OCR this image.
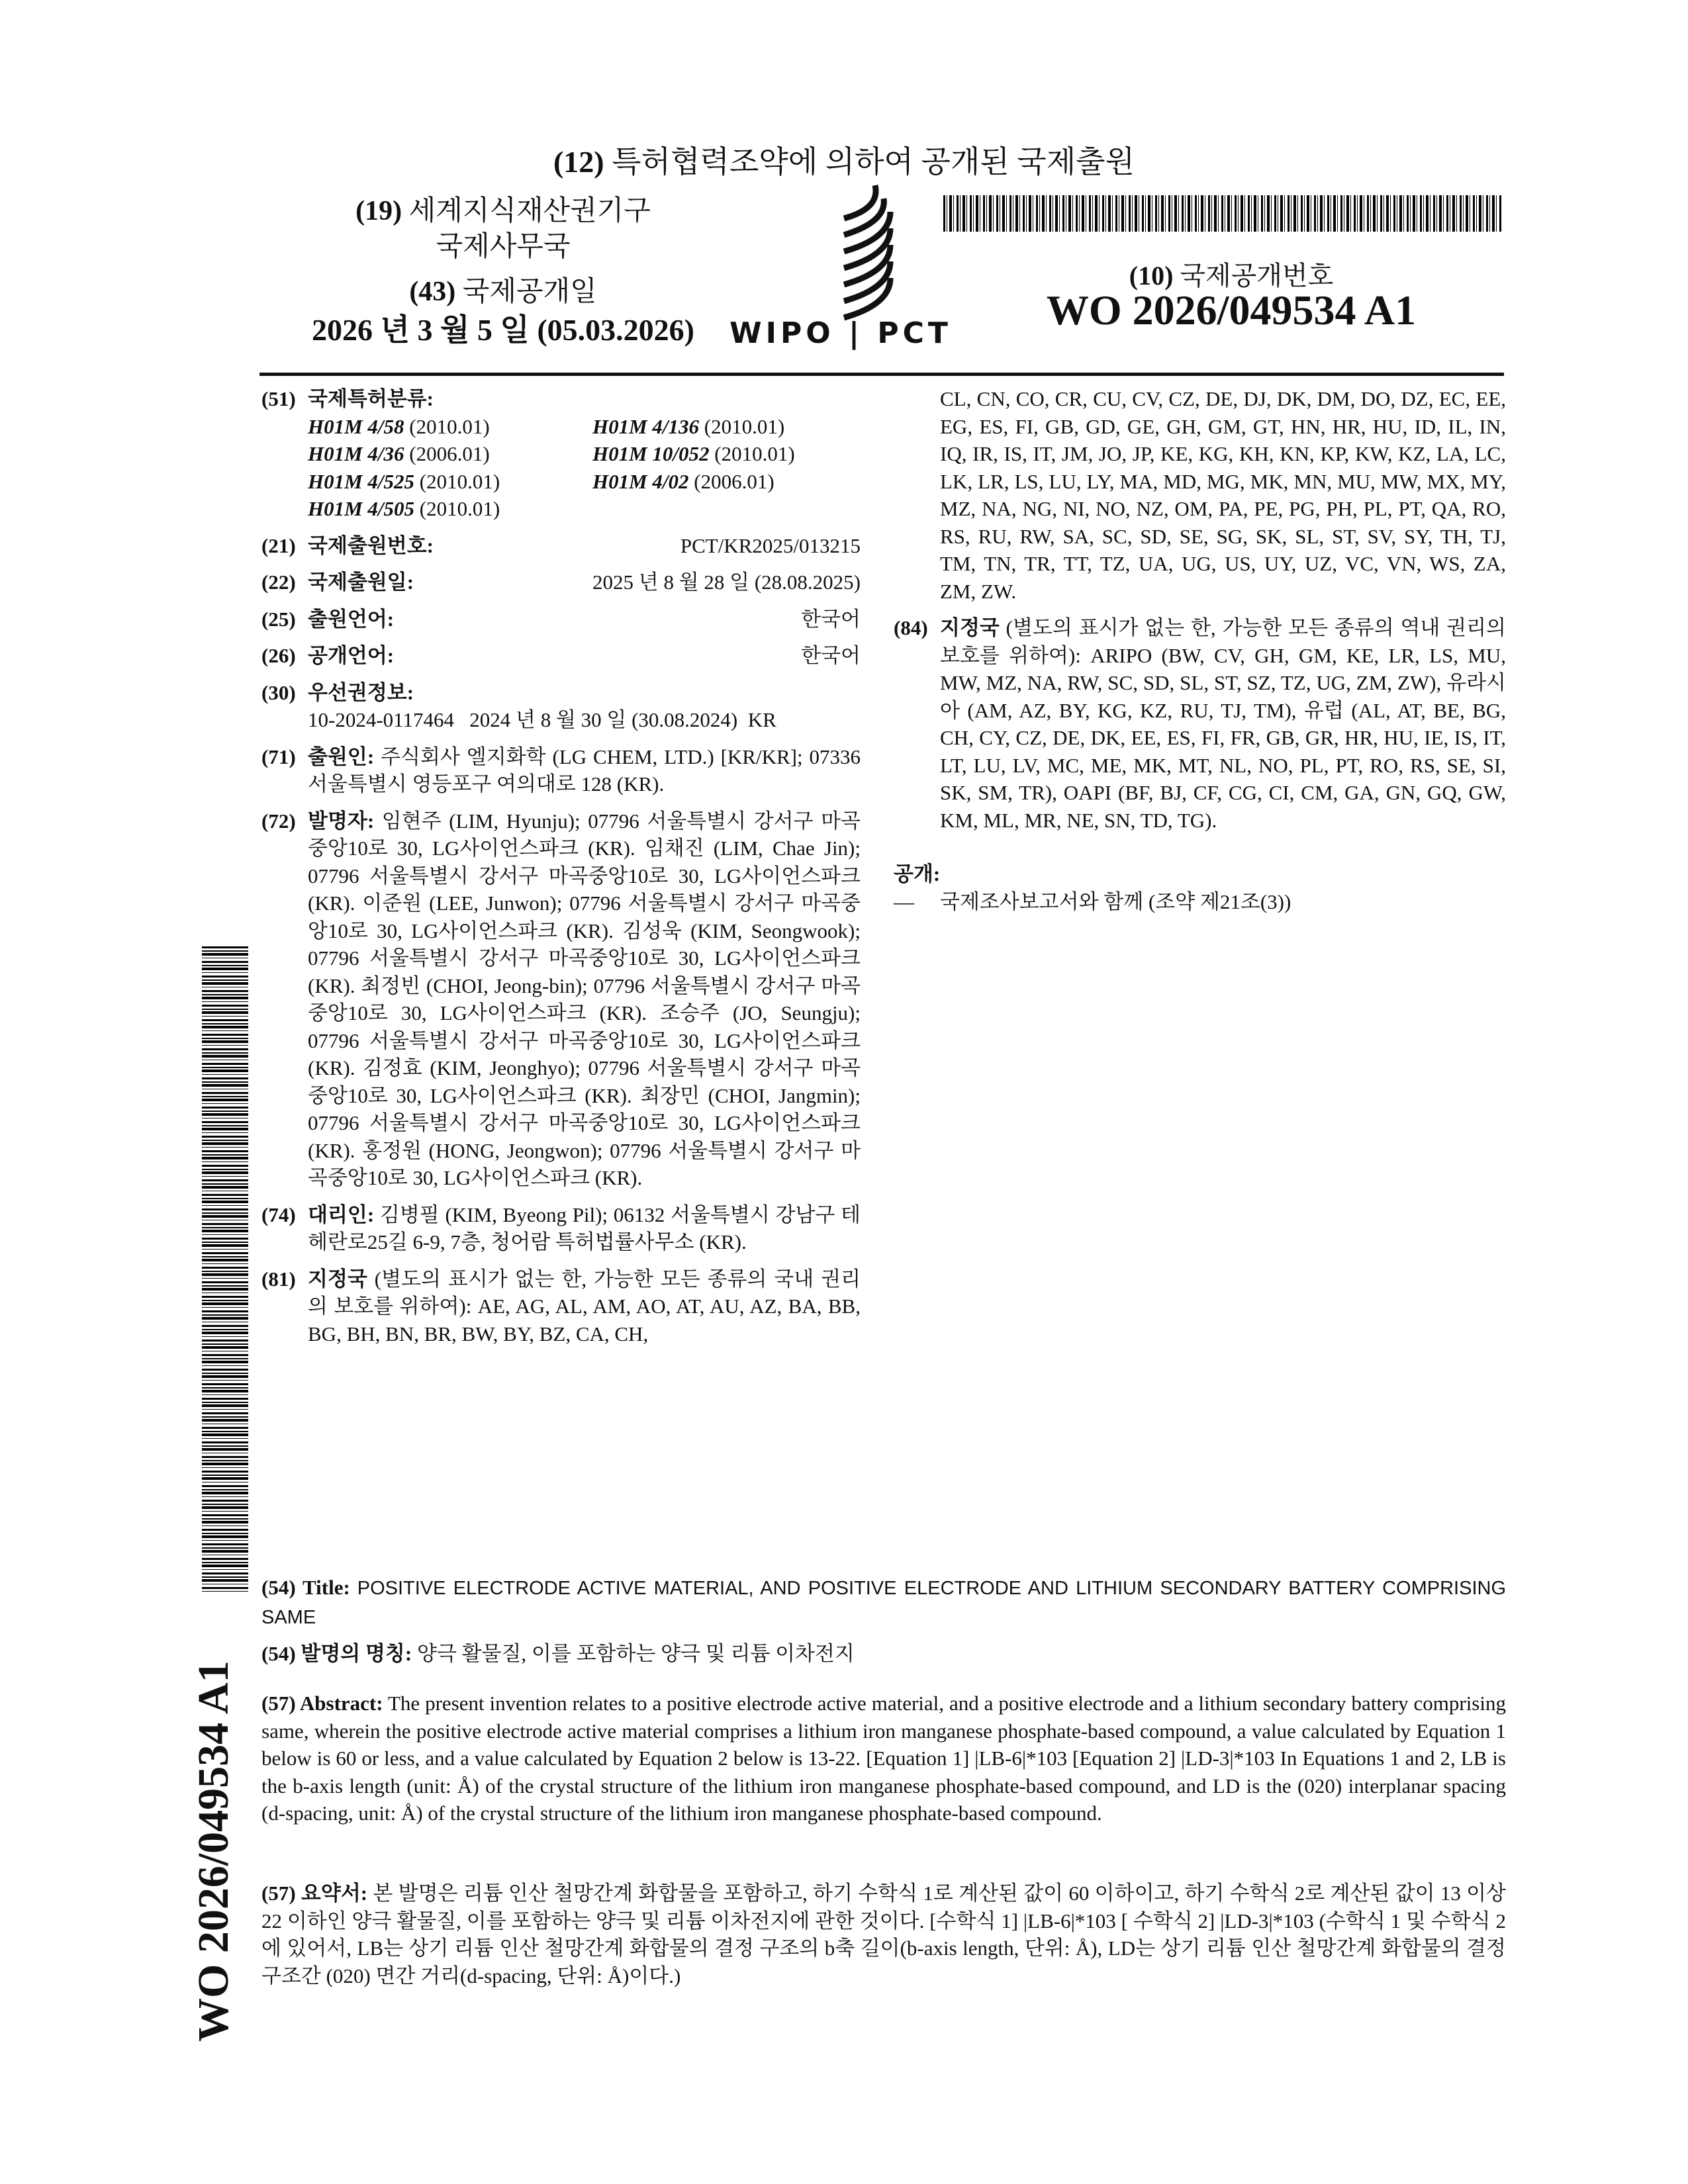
(12) 특허협력조약에 의하여 공개된 국제출원
(19) 세계지식재산권기구
국제사무국
(43) 국제공개일
2026 년 3 월 5 일 (05.03.2026)	WIPO | PCT
(10) 국제공개번호
WO 2026/049534 A1
(51) 국제특허분류:
H01M 4/58 (2010.01)	H01M 4/136 (2010.01)
H01M 4/36 (2006.01)	H01M 10/052 (2010.01)
H01M 4/525 (2010.01)	H01M 4/02 (2006.01)
H01M 4/505 (2010.01)
(21) 국제출원번호:	PCT/KR2025/013215
(22) 국제출원일:	2025 년 8 월 28 일 (28.08.2025)
(25) 출원언어:	한국어
(26) 공개언어:	한국어
(30) 우선권정보:
10-2024-0117464   2024 년 8 월 30 일 (30.08.2024)  KR
(71) 출원인: 주식회사 엘지화학 (LG CHEM, LTD.) [KR/KR]; 07336 서울특별시 영등포구 여의대로 128 (KR).
(72) 발명자: 임현주 (LIM, Hyunju); 07796 서울특별시 강서구 마곡중앙10로 30, LG사이언스파크 (KR). 임채진 (LIM, Chae Jin); 07796 서울특별시 강서구 마곡중앙10로 30, LG사이언스파크 (KR). 이준원 (LEE, Junwon); 07796 서울특별시 강서구 마곡중앙10로 30, LG사이언스파크 (KR). 김성욱 (KIM, Seongwook); 07796 서울특별시 강서구 마곡중앙10로 30, LG사이언스파크 (KR). 최정빈 (CHOI, Jeong-bin); 07796 서울특별시 강서구 마곡중앙10로 30, LG사이언스파크 (KR). 조승주 (JO, Seungju); 07796 서울특별시 강서구 마곡중앙10로 30, LG사이언스파크 (KR). 김정효 (KIM, Jeonghyo); 07796 서울특별시 강서구 마곡중앙10로 30, LG사이언스파크 (KR). 최장민 (CHOI, Jangmin); 07796 서울특별시 강서구 마곡중앙10로 30, LG사이언스파크 (KR). 홍정원 (HONG, Jeongwon); 07796 서울특별시 강서구 마곡중앙10로 30, LG사이언스파크 (KR).
(74) 대리인: 김병필 (KIM, Byeong Pil); 06132 서울특별시 강남구 테헤란로25길 6-9, 7층, 청어람 특허법률사무소 (KR).
(81) 지정국 (별도의 표시가 없는 한, 가능한 모든 종류의 국내 권리의 보호를 위하여): AE, AG, AL, AM, AO, AT, AU, AZ, BA, BB, BG, BH, BN, BR, BW, BY, BZ, CA, CH,
CL, CN, CO, CR, CU, CV, CZ, DE, DJ, DK, DM, DO, DZ, EC, EE, EG, ES, FI, GB, GD, GE, GH, GM, GT, HN, HR, HU, ID, IL, IN, IQ, IR, IS, IT, JM, JO, JP, KE, KG, KH, KN, KP, KW, KZ, LA, LC, LK, LR, LS, LU, LY, MA, MD, MG, MK, MN, MU, MW, MX, MY, MZ, NA, NG, NI, NO, NZ, OM, PA, PE, PG, PH, PL, PT, QA, RO, RS, RU, RW, SA, SC, SD, SE, SG, SK, SL, ST, SV, SY, TH, TJ, TM, TN, TR, TT, TZ, UA, UG, US, UY, UZ, VC, VN, WS, ZA, ZM, ZW.
(84) 지정국 (별도의 표시가 없는 한, 가능한 모든 종류의 역내 권리의 보호를 위하여): ARIPO (BW, CV, GH, GM, KE, LR, LS, MU, MW, MZ, NA, RW, SC, SD, SL, ST, SZ, TZ, UG, ZM, ZW), 유라시아 (AM, AZ, BY, KG, KZ, RU, TJ, TM), 유럽 (AL, AT, BE, BG, CH, CY, CZ, DE, DK, EE, ES, FI, FR, GB, GR, HR, HU, IE, IS, IT, LT, LU, LV, MC, ME, MK, MT, NL, NO, PL, PT, RO, RS, SE, SI, SK, SM, TR), OAPI (BF, BJ, CF, CG, CI, CM, GA, GN, GQ, GW, KM, ML, MR, NE, SN, TD, TG).
공개:
—	국제조사보고서와 함께 (조약 제21조(3))
WO 2026/049534 A1
(54) Title: POSITIVE ELECTRODE ACTIVE MATERIAL, AND POSITIVE ELECTRODE AND LITHIUM SECONDARY BATTERY COMPRISING SAME
(54) 발명의 명칭: 양극 활물질, 이를 포함하는 양극 및 리튬 이차전지
(57) Abstract: The present invention relates to a positive electrode active material, and a positive electrode and a lithium secondary battery comprising same, wherein the positive electrode active material comprises a lithium iron manganese phosphate-based compound, a value calculated by Equation 1 below is 60 or less, and a value calculated by Equation 2 below is 13-22. [Equation 1] |LB-6|*103 [Equation 2] |LD-3|*103 In Equations 1 and 2, LB is the b-axis length (unit: Å) of the crystal structure of the lithium iron manganese phosphate-based compound, and LD is the (020) interplanar spacing (d-spacing, unit: Å) of the crystal structure of the lithium iron manganese phosphate-based compound.
(57) 요약서: 본 발명은 리튬 인산 철망간계 화합물을 포함하고, 하기 수학식 1로 계산된 값이 60 이하이고, 하기 수학식 2로 계산된 값이 13 이상 22 이하인 양극 활물질, 이를 포함하는 양극 및 리튬 이차전지에 관한 것이다. [수학식 1] |LB-6|*103 [ 수학식 2] |LD-3|*103 (수학식 1 및 수학식 2에 있어서, LB는 상기 리튬 인산 철망간계 화합물의 결정 구조의 b축 길이(b-axis length, 단위: Å), LD는 상기 리튬 인산 철망간계 화합물의 결정 구조간 (020) 면간 거리(d-spacing, 단위: Å)이다.)
